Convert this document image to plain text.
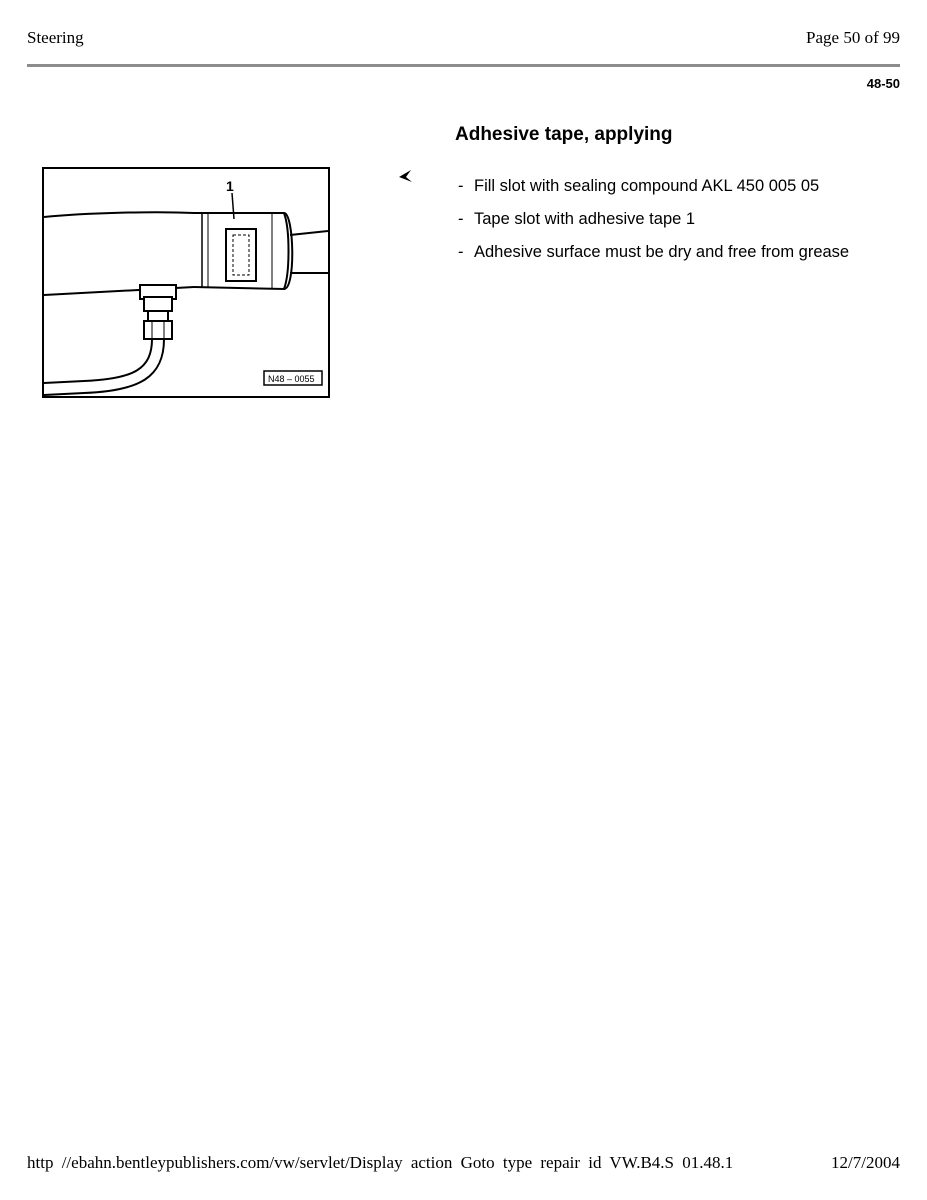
Steering	Page 50 of 99
48-50
1
N48 – 0055
Adhesive tape, applying
- Fill slot with sealing compound AKL 450 005 05
- Tape slot with adhesive tape 1
- Adhesive surface must be dry and free from grease
http //ebahn.bentleypublishers.com/vw/servlet/Display action Goto type repair id VW.B4.S 01.48.1	12/7/2004
